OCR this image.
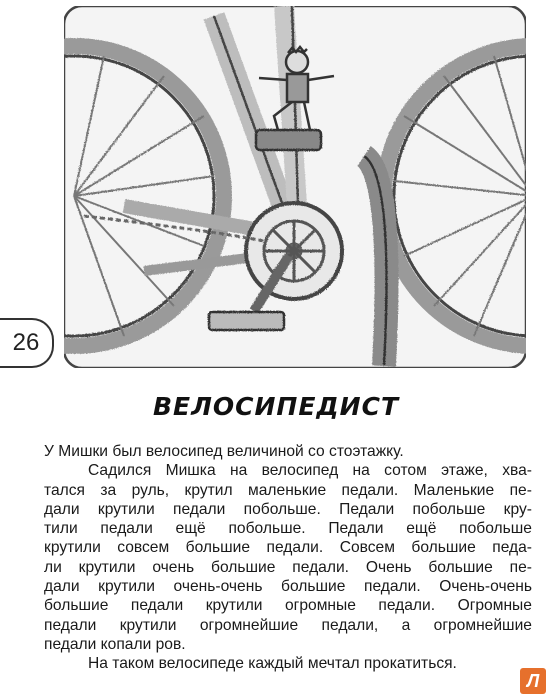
26
ВЕЛОСИПЕДИСТ
У Мишки был велосипед величиной со стоэтажку.
Садился Мишка на велосипед на сотом этаже, хва-
тался за руль, крутил маленькие педали. Маленькие пе-
дали крутили педали побольше. Педали побольше кру-
тили педали ещё побольше. Педали ещё побольше
крутили совсем большие педали. Совсем большие педа-
ли крутили очень большие педали. Очень большие пе-
дали крутили очень-очень большие педали. Очень-очень
большие педали крутили огромные педали. Огромные
педали крутили огромнейшие педали, а огромнейшие
педали копали ров.
На таком велосипеде каждый мечтал прокатиться.
Л
